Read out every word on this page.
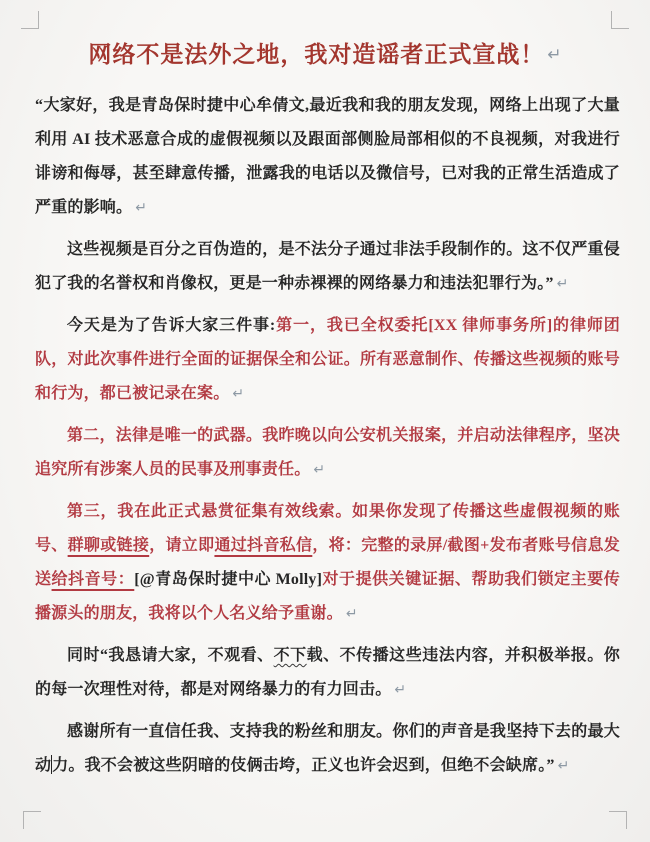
网络不是法外之地，我对造谣者正式宣战！ ↵

“大家好，我是青岛保时捷中心牟倩文,最近我和我的朋友发现，网络上出现了大量利用 AI 技术恶意合成的虚假视频以及跟面部侧脸局部相似的不良视频，对我进行诽谤和侮辱，甚至肆意传播，泄露我的电话以及微信号，已对我的正常生活造成了严重的影响。 ↵

这些视频是百分之百伪造的，是不法分子通过非法手段制作的。这不仅严重侵犯了我的名誉权和肖像权，更是一种赤裸裸的网络暴力和违法犯罪行为。” ↵

今天是为了告诉大家三件事:第一，我已全权委托[XX 律师事务所]的律师团队，对此次事件进行全面的证据保全和公证。所有恶意制作、传播这些视频的账号和行为，都已被记录在案。 ↵

第二，法律是唯一的武器。我昨晚以向公安机关报案，并启动法律程序，坚决追究所有涉案人员的民事及刑事责任。 ↵

第三，我在此正式悬赏征集有效线索。如果你发现了传播这些虚假视频的账号、群聊或链接，请立即通过抖音私信，将：完整的录屏/截图+发布者账号信息发送给抖音号：[@青岛保时捷中心 Molly]对于提供关键证据、帮助我们锁定主要传播源头的朋友，我将以个人名义给予重谢。 ↵

同时“我恳请大家，不观看、不下载、不传播这些违法内容，并积极举报。你的每一次理性对待，都是对网络暴力的有力回击。 ↵

感谢所有一直信任我、支持我的粉丝和朋友。你们的声音是我坚持下去的最大动力。我不会被这些阴暗的伎俩击垮，正义也许会迟到，但绝不会缺席。” ↵
